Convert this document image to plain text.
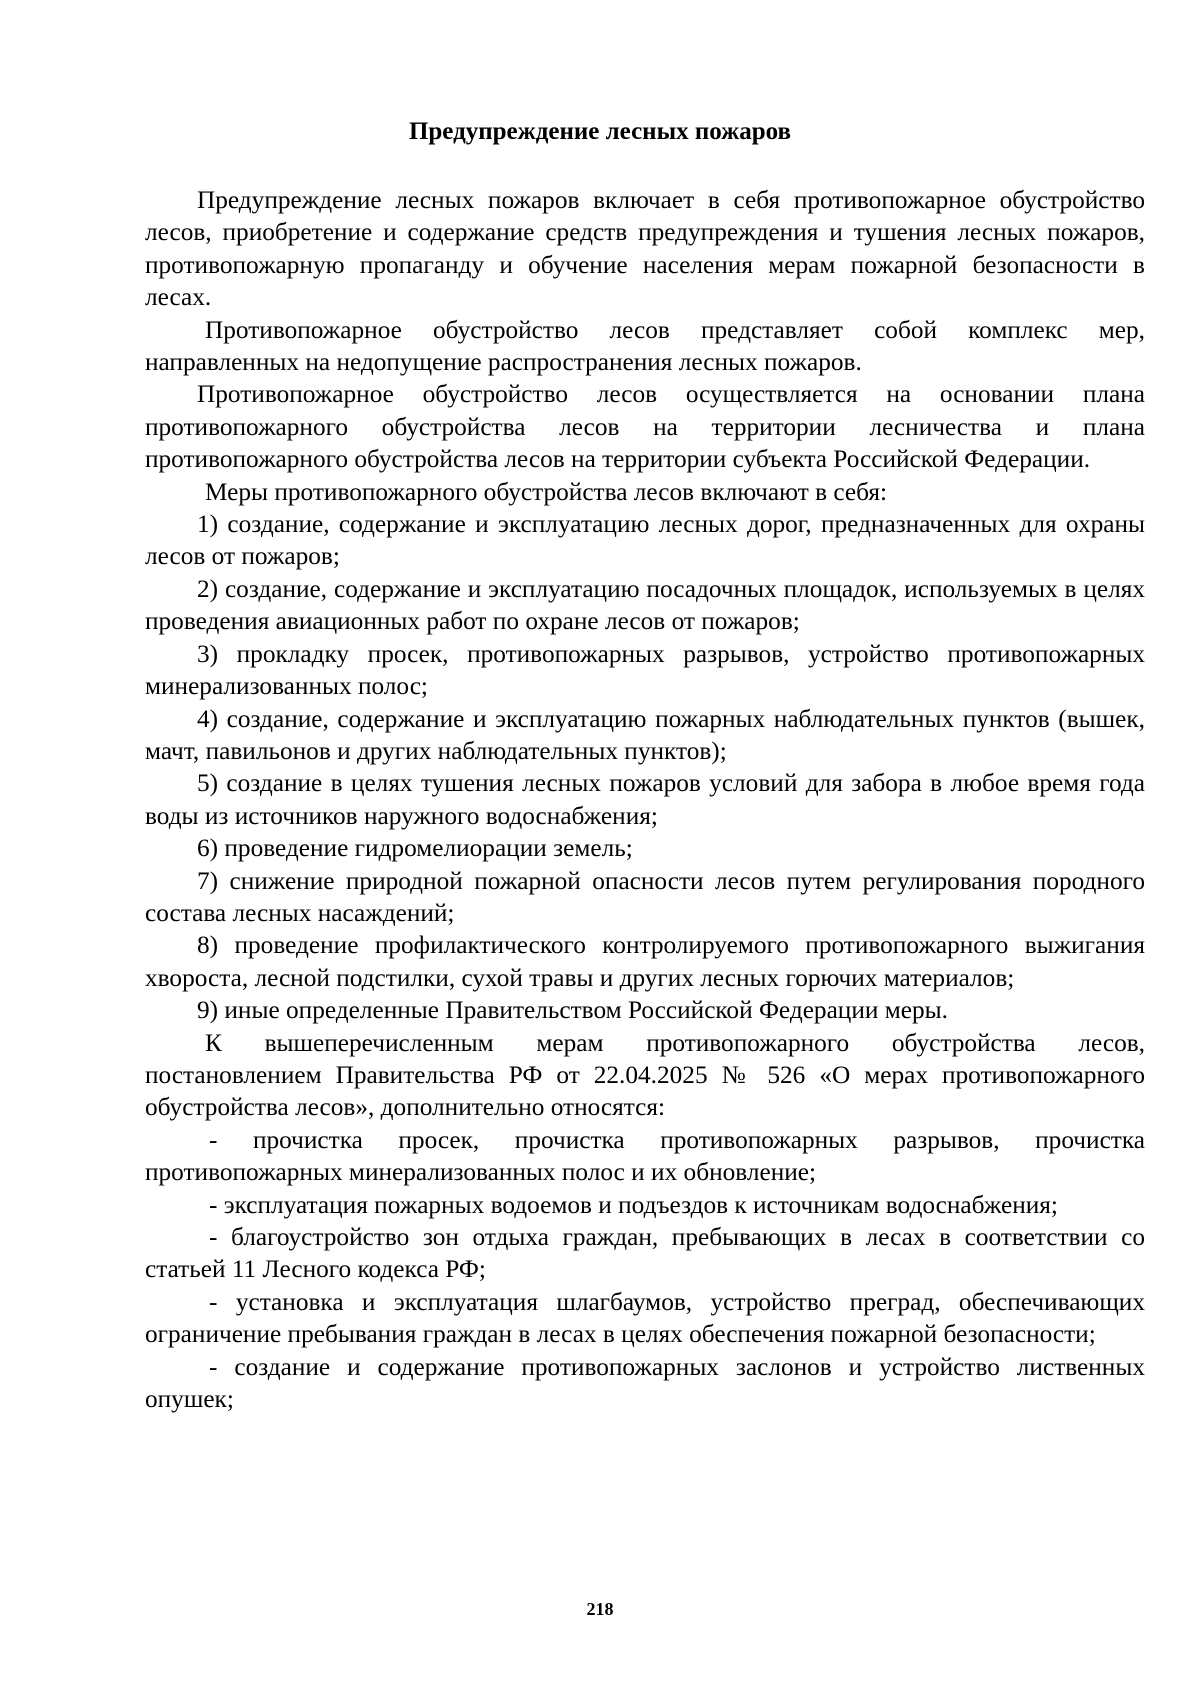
Предупреждение лесных пожаров

Предупреждение лесных пожаров включает в себя противопожарное обустройство лесов, приобретение и содержание средств предупреждения и тушения лесных пожаров, противопожарную пропаганду и обучение населения мерам пожарной безопасности в лесах.

Противопожарное обустройство лесов представляет собой комплекс мер, направленных на недопущение распространения лесных пожаров.

Противопожарное обустройство лесов осуществляется на основании плана противопожарного обустройства лесов на территории лесничества и плана противопожарного обустройства лесов на территории субъекта Российской Федерации.

Меры противопожарного обустройства лесов включают в себя:

1) создание, содержание и эксплуатацию лесных дорог, предназначенных для охраны лесов от пожаров;

2) создание, содержание и эксплуатацию посадочных площадок, используемых в целях проведения авиационных работ по охране лесов от пожаров;

3) прокладку просек, противопожарных разрывов, устройство противопожарных минерализованных полос;

4) создание, содержание и эксплуатацию пожарных наблюдательных пунктов (вышек, мачт, павильонов и других наблюдательных пунктов);

5) создание в целях тушения лесных пожаров условий для забора в любое время года воды из источников наружного водоснабжения;

6) проведение гидромелиорации земель;

7) снижение природной пожарной опасности лесов путем регулирования породного состава лесных насаждений;

8) проведение профилактического контролируемого противопожарного выжигания хвороста, лесной подстилки, сухой травы и других лесных горючих материалов;

9) иные определенные Правительством Российской Федерации меры.

К вышеперечисленным мерам противопожарного обустройства лесов, постановлением Правительства РФ от 22.04.2025 № 526 «О мерах противопожарного обустройства лесов», дополнительно относятся:

- прочистка просек, прочистка противопожарных разрывов, прочистка противопожарных минерализованных полос и их обновление;

- эксплуатация пожарных водоемов и подъездов к источникам водоснабжения;

- благоустройство зон отдыха граждан, пребывающих в лесах в соответствии со статьей 11 Лесного кодекса РФ;

- установка и эксплуатация шлагбаумов, устройство преград, обеспечивающих ограничение пребывания граждан в лесах в целях обеспечения пожарной безопасности;

- создание и содержание противопожарных заслонов и устройство лиственных опушек;

218
